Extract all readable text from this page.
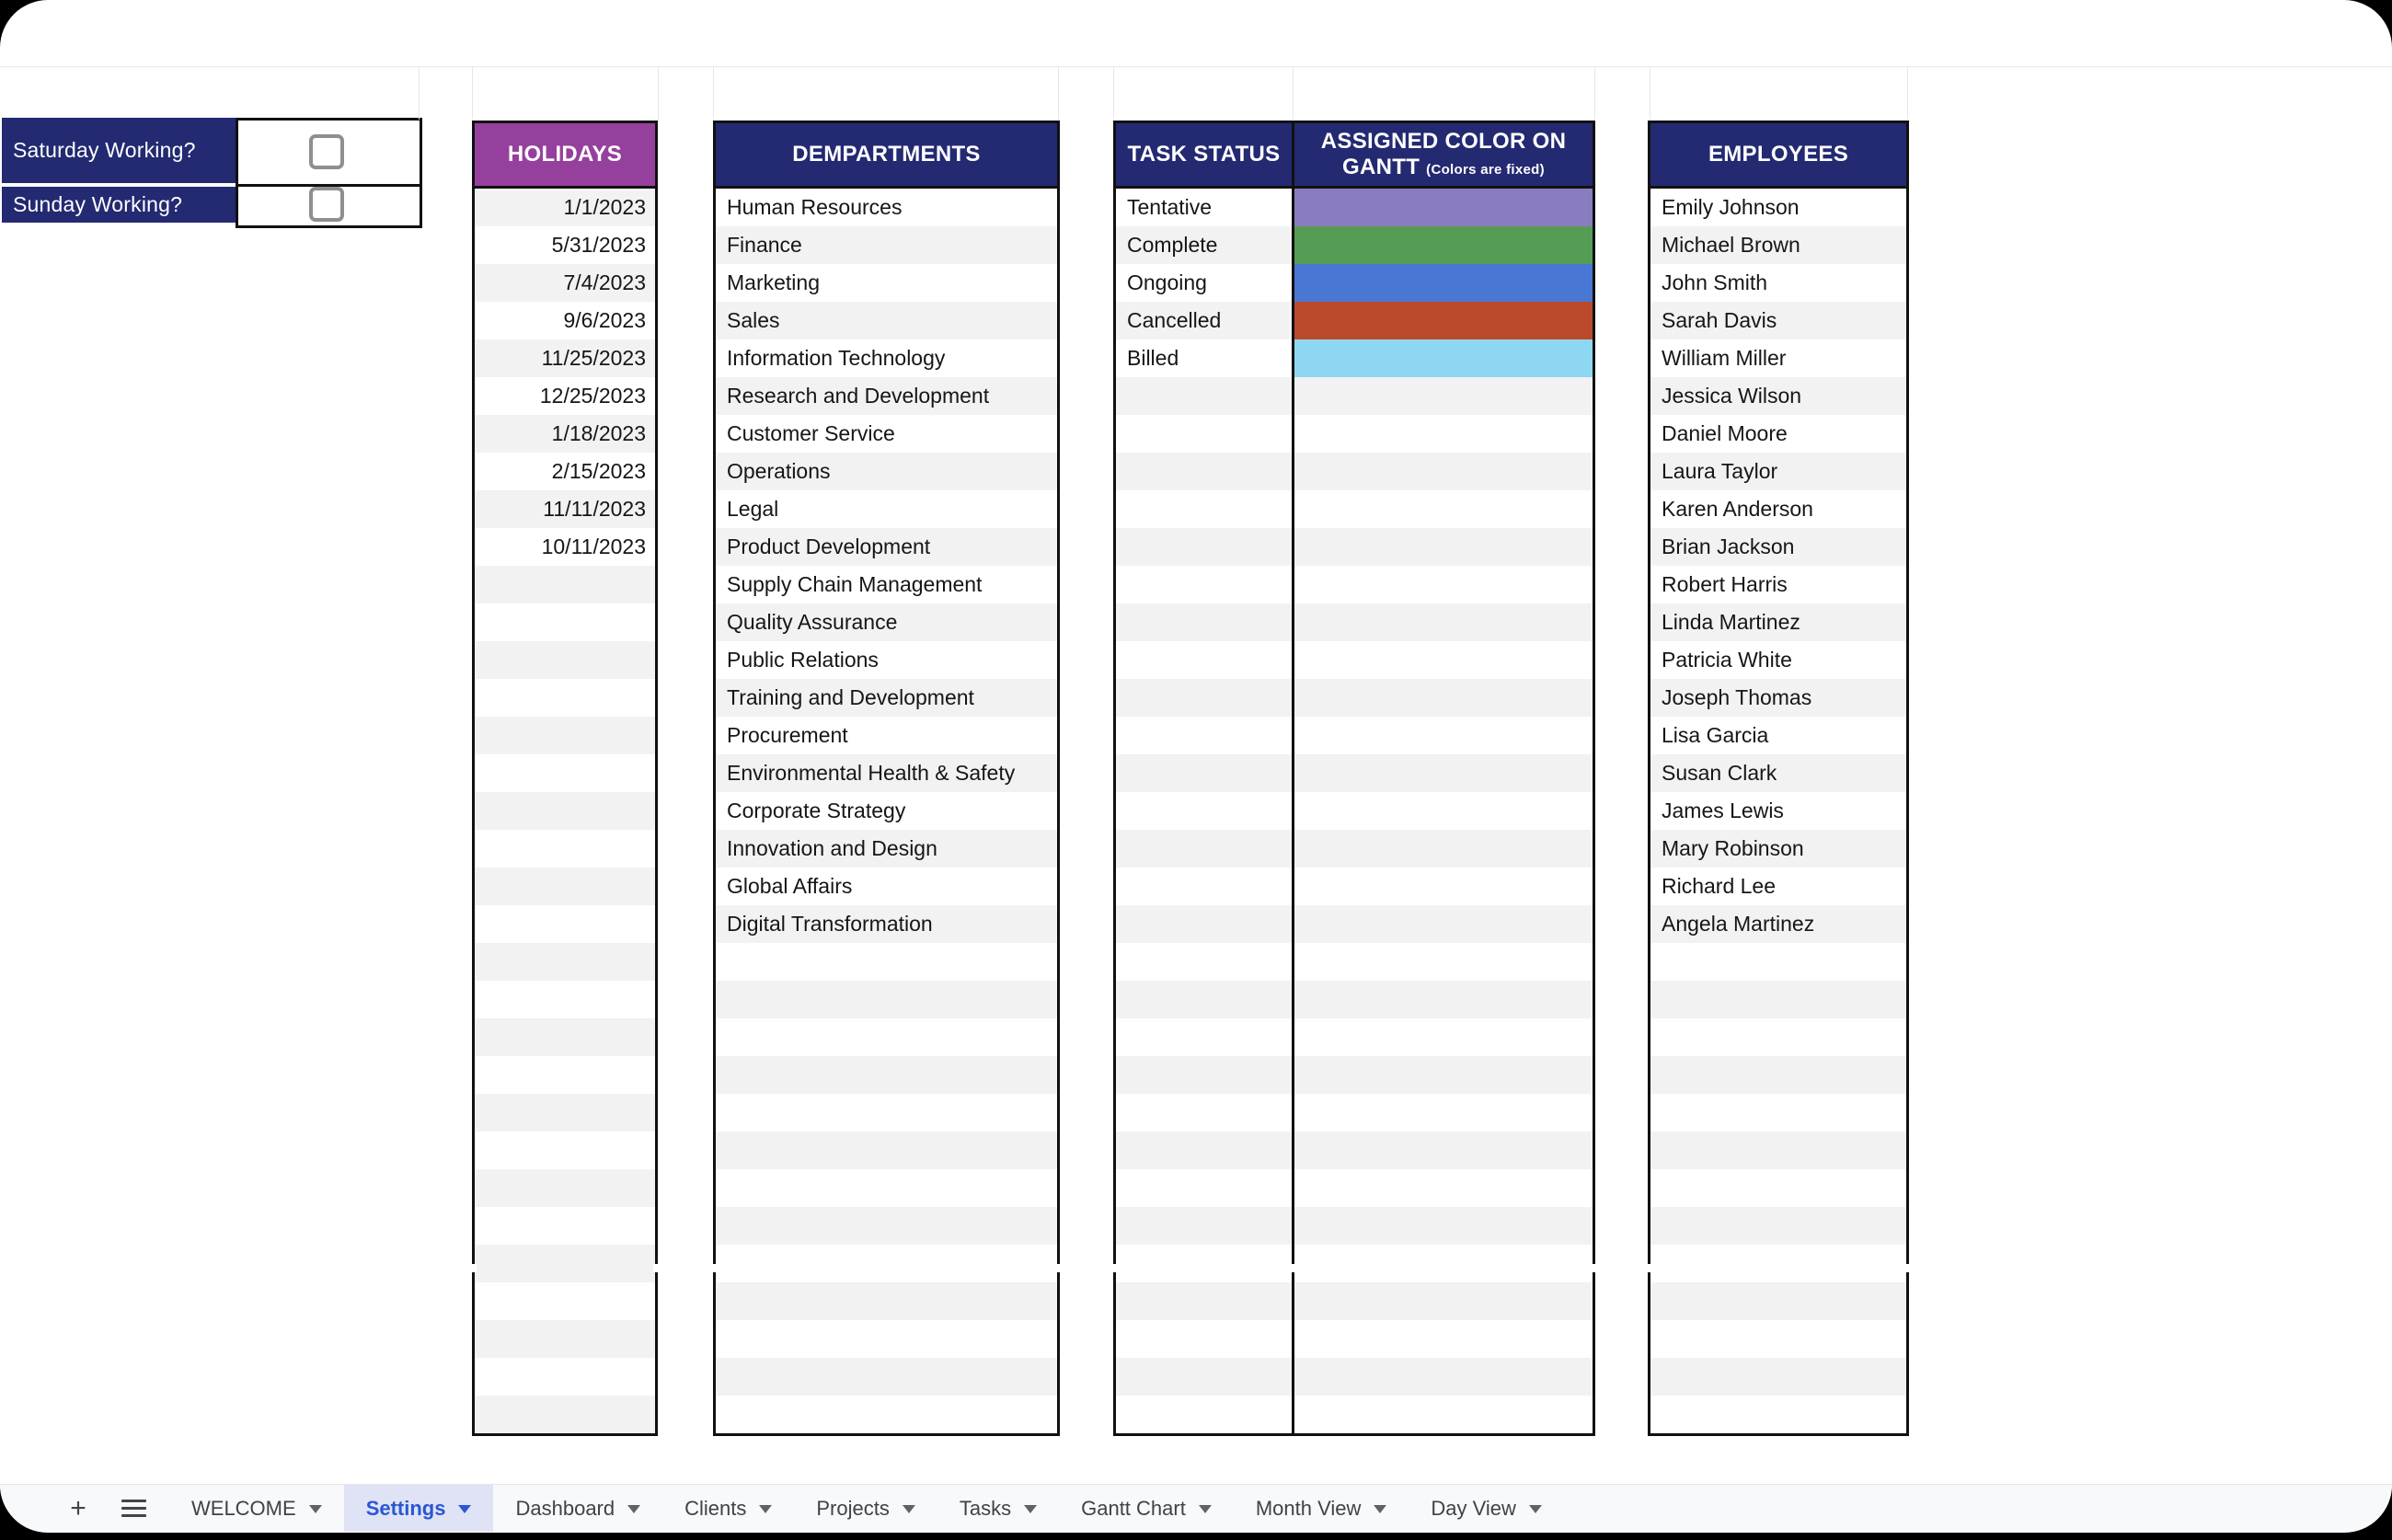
Saturday Working?
Sunday Working?
HOLIDAYS
1/1/2023
5/31/2023
7/4/2023
9/6/2023
11/25/2023
12/25/2023
1/18/2023
2/15/2023
11/11/2023
10/11/2023
DEMPARTMENTS
Human Resources
Finance
Marketing
Sales
Information Technology
Research and Development
Customer Service
Operations
Legal
Product Development
Supply Chain Management
Quality Assurance
Public Relations
Training and Development
Procurement
Environmental Health & Safety
Corporate Strategy
Innovation and Design
Global Affairs
Digital Transformation
TASK STATUS
Tentative
Complete
Ongoing
Cancelled
Billed
ASSIGNED COLOR ON GANTT (Colors are fixed)
EMPLOYEES
Emily Johnson
Michael Brown
John Smith
Sarah Davis
William Miller
Jessica Wilson
Daniel Moore
Laura Taylor
Karen Anderson
Brian Jackson
Robert Harris
Linda Martinez
Patricia White
Joseph Thomas
Lisa Garcia
Susan Clark
James Lewis
Mary Robinson
Richard Lee
Angela Martinez
+	WELCOME	Settings	Dashboard	Clients	Projects	Tasks	Gantt Chart	Month View	Day View
